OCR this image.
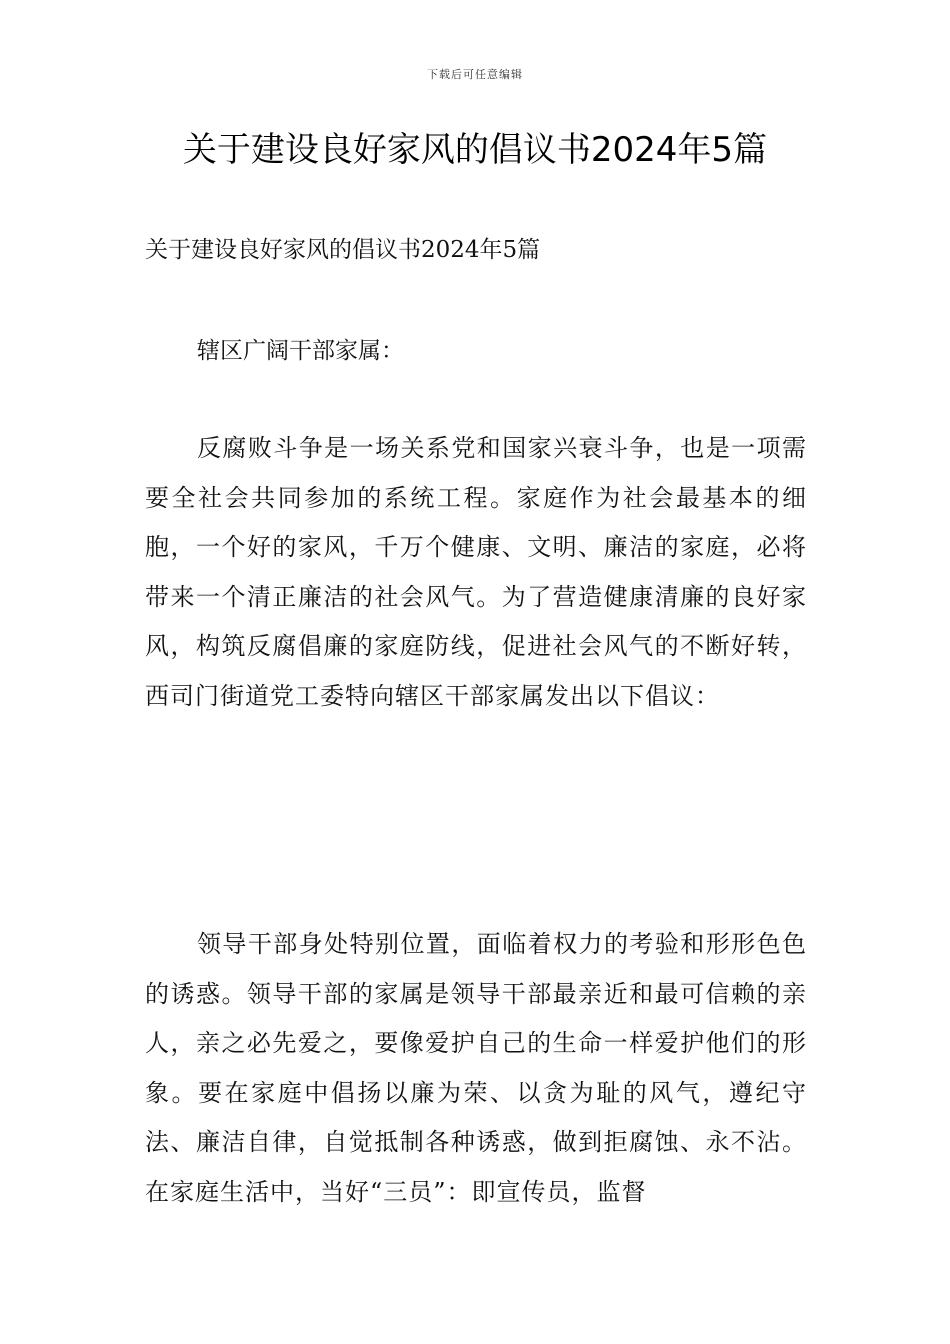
下载后可任意编辑
关于建设良好家风的倡议书2024年5篇

关于建设良好家风的倡议书2024年5篇

辖区广阔干部家属：

反腐败斗争是一场关系党和国家兴衰斗争，也是一项需要全社会共同参加的系统工程。家庭作为社会最基本的细胞，一个好的家风，千万个健康、文明、廉洁的家庭，必将带来一个清正廉洁的社会风气。为了营造健康清廉的良好家风，构筑反腐倡廉的家庭防线，促进社会风气的不断好转，西司门街道党工委特向辖区干部家属发出以下倡议：

领导干部身处特别位置，面临着权力的考验和形形色色的诱惑。领导干部的家属是领导干部最亲近和最可信赖的亲人，亲之必先爱之，要像爱护自己的生命一样爱护他们的形象。要在家庭中倡扬以廉为荣、以贪为耻的风气，遵纪守法、廉洁自律，自觉抵制各种诱惑，做到拒腐蚀、永不沾。在家庭生活中，当好“三员”：即宣传员，监督
